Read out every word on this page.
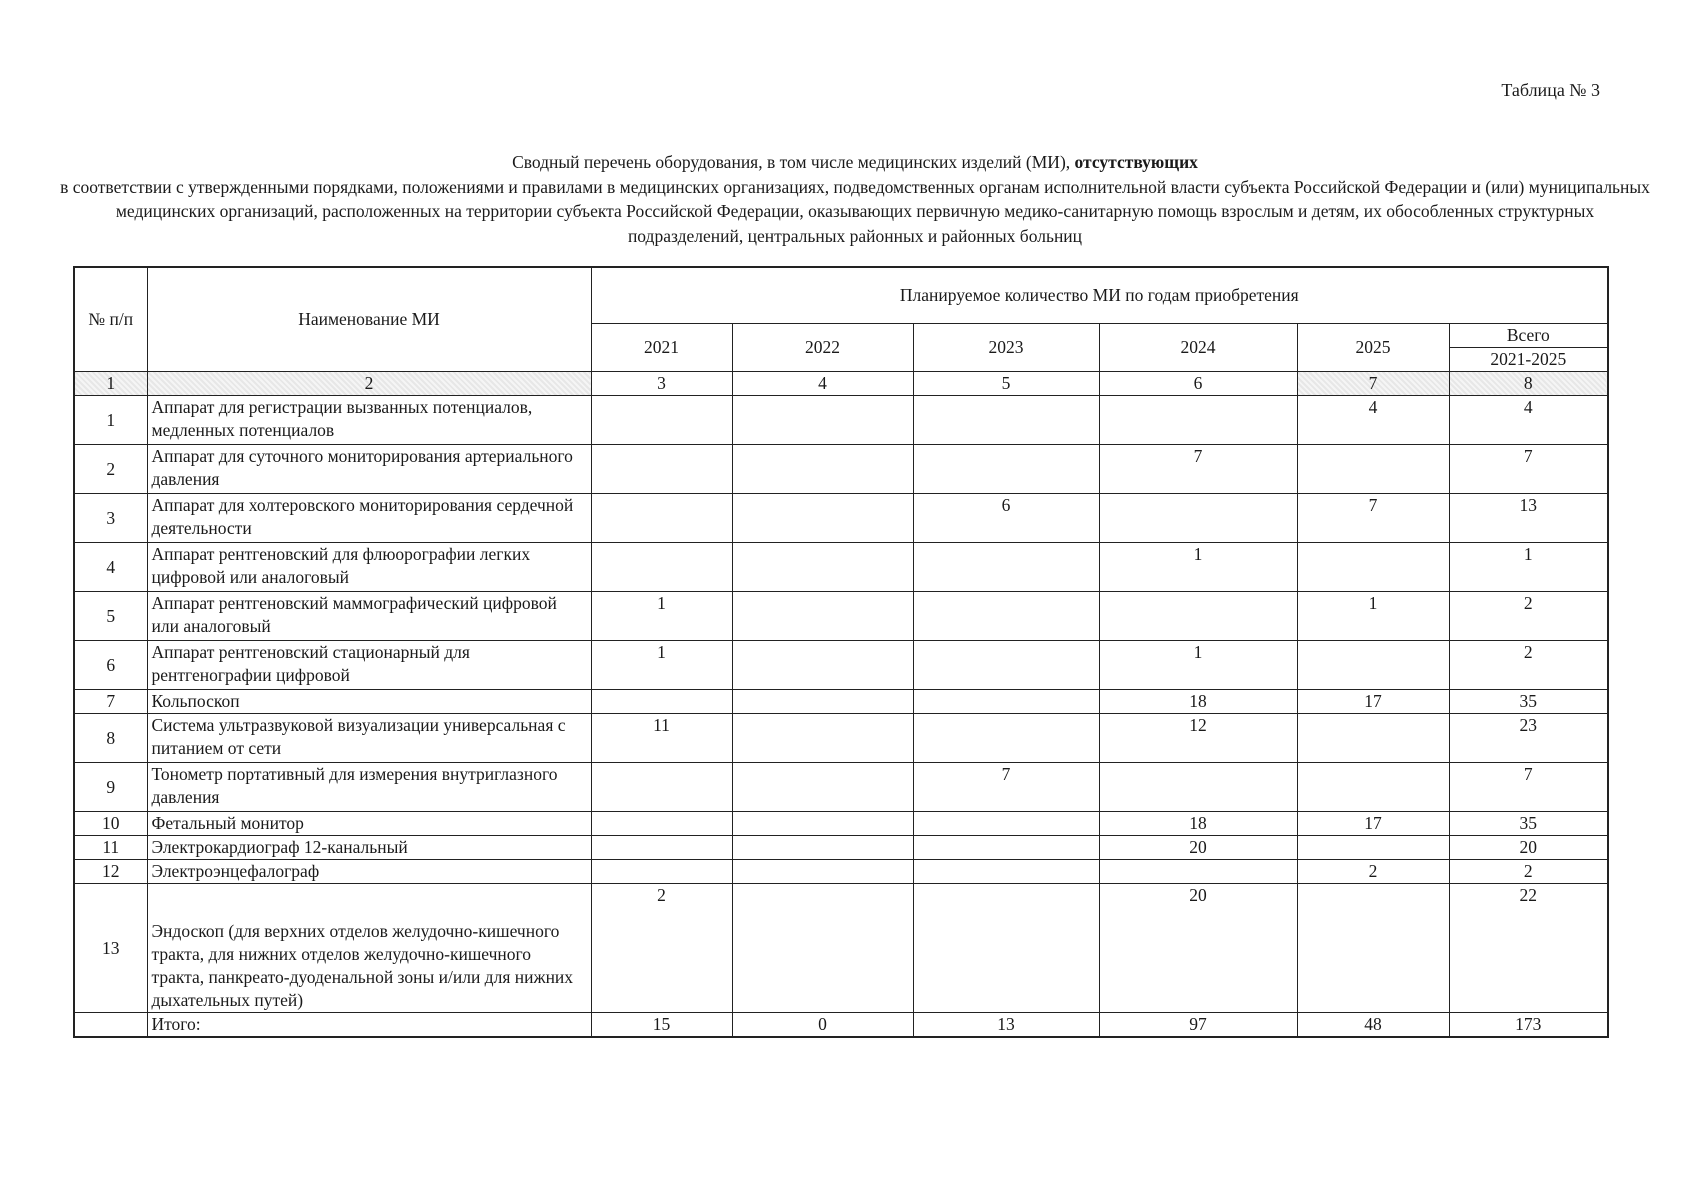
Таблица № 3
Сводный перечень оборудования, в том числе медицинских изделий (МИ), отсутствующих
в соответствии с утвержденными порядками, положениями и правилами в медицинских организациях, подведомственных органам исполнительной власти субъекта Российской Федерации и (или) муниципальных медицинских организаций, расположенных на территории субъекта Российской Федерации, оказывающих первичную медико-санитарную помощь взрослым и детям, их обособленных структурных подразделений, центральных районных и районных больниц
№ п/п	Наименование МИ	Планируемое количество МИ по годам приобретения					
		2021	2022	2023	2024	2025	Всего
							2021-2025
1	2	3	4	5	6	7	8
1	Аппарат для регистрации вызванных потенциалов, медленных потенциалов					4	4
2	Аппарат для суточного мониторирования артериального давления				7		7
3	Аппарат для холтеровского мониторирования сердечной деятельности			6		7	13
4	Аппарат рентгеновский для флюорографии легких цифровой или аналоговый				1		1
5	Аппарат рентгеновский маммографический цифровой или аналоговый	1				1	2
6	Аппарат рентгеновский стационарный для рентгенографии цифровой	1			1		2
7	Кольпоскоп				18	17	35
8	Система ультразвуковой визуализации универсальная с питанием от сети	11			12		23
9	Тонометр портативный для измерения внутриглазного давления			7			7
10	Фетальный монитор				18	17	35
11	Электрокардиограф 12-канальный				20		20
12	Электроэнцефалограф					2	2
13	Эндоскоп (для верхних отделов желудочно-кишечного тракта, для нижних отделов желудочно-кишечного тракта, панкреато-дуоденальной зоны и/или для нижних дыхательных путей)	2			20		22
	Итого:	15	0	13	97	48	173
